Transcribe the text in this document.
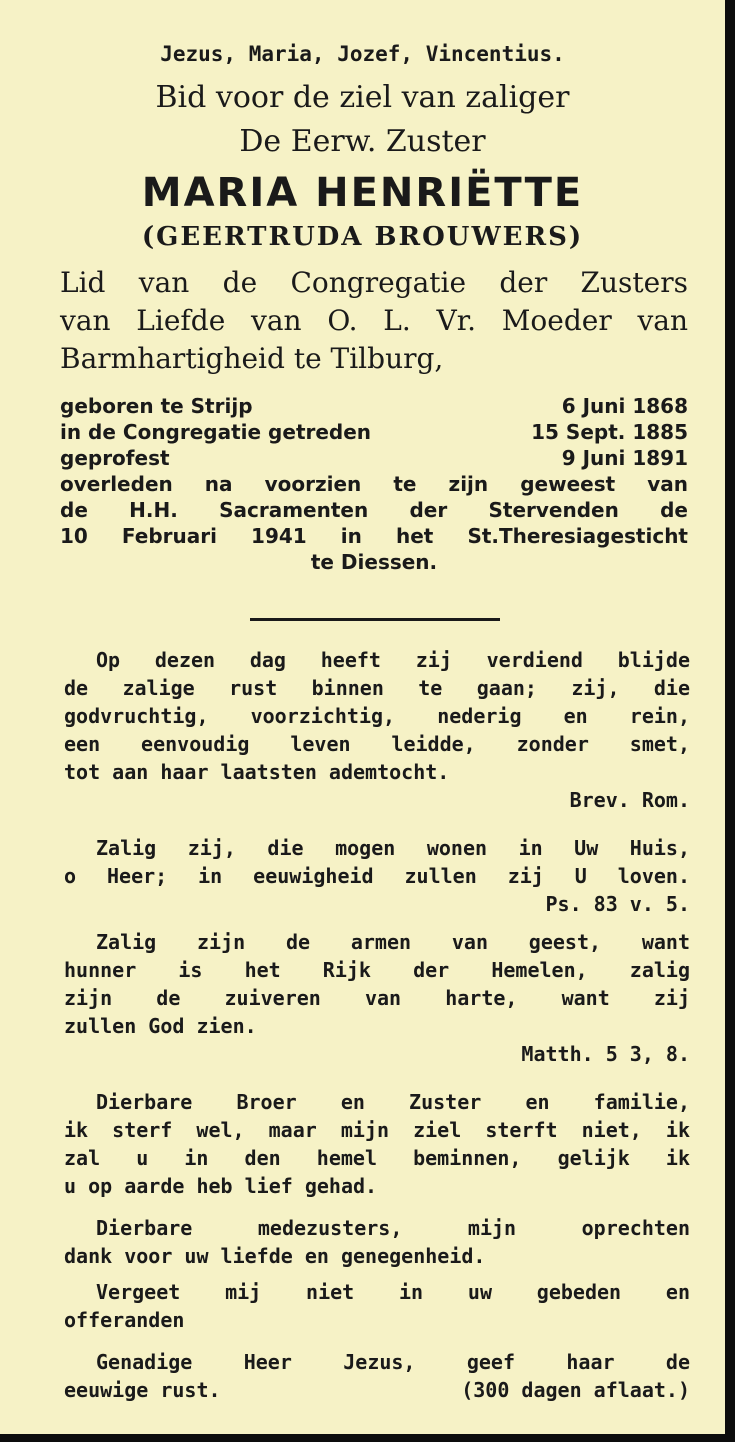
Jezus, Maria, Jozef, Vincentius.
Bid voor de ziel van zaliger
De Eerw. Zuster
MARIA HENRIËTTE
(GEERTRUDA BROUWERS)
Lid van de Congregatie der Zusters
van Liefde van O. L. Vr. Moeder van
Barmhartigheid te Tilburg,
geboren te Strijp	6 Juni 1868
in de Congregatie getreden	15 Sept. 1885
geprofest	9 Juni 1891
overleden na voorzien te zijn geweest van
de H.H. Sacramenten der Stervenden de
10 Februari 1941 in het St.Theresiagesticht
te Diessen.
Op dezen dag heeft zij verdiend blijde
de zalige rust binnen te gaan; zij, die
godvruchtig, voorzichtig, nederig en rein,
een eenvoudig leven leidde, zonder smet,
tot aan haar laatsten ademtocht.
Brev. Rom.
Zalig zij, die mogen wonen in Uw Huis,
o Heer; in eeuwigheid zullen zij U loven.
Ps. 83 v. 5.
Zalig zijn de armen van geest, want
hunner is het Rijk der Hemelen, zalig
zijn de zuiveren van harte, want zij
zullen God zien.
Matth. 5 3, 8.
Dierbare Broer en Zuster en familie,
ik sterf wel, maar mijn ziel sterft niet, ik
zal u in den hemel beminnen, gelijk ik
u op aarde heb lief gehad.
Dierbare medezusters, mijn oprechten
dank voor uw liefde en genegenheid.
Vergeet mij niet in uw gebeden en
offeranden
Genadige Heer Jezus, geef haar de
eeuwige rust.	(300 dagen aflaat.)
